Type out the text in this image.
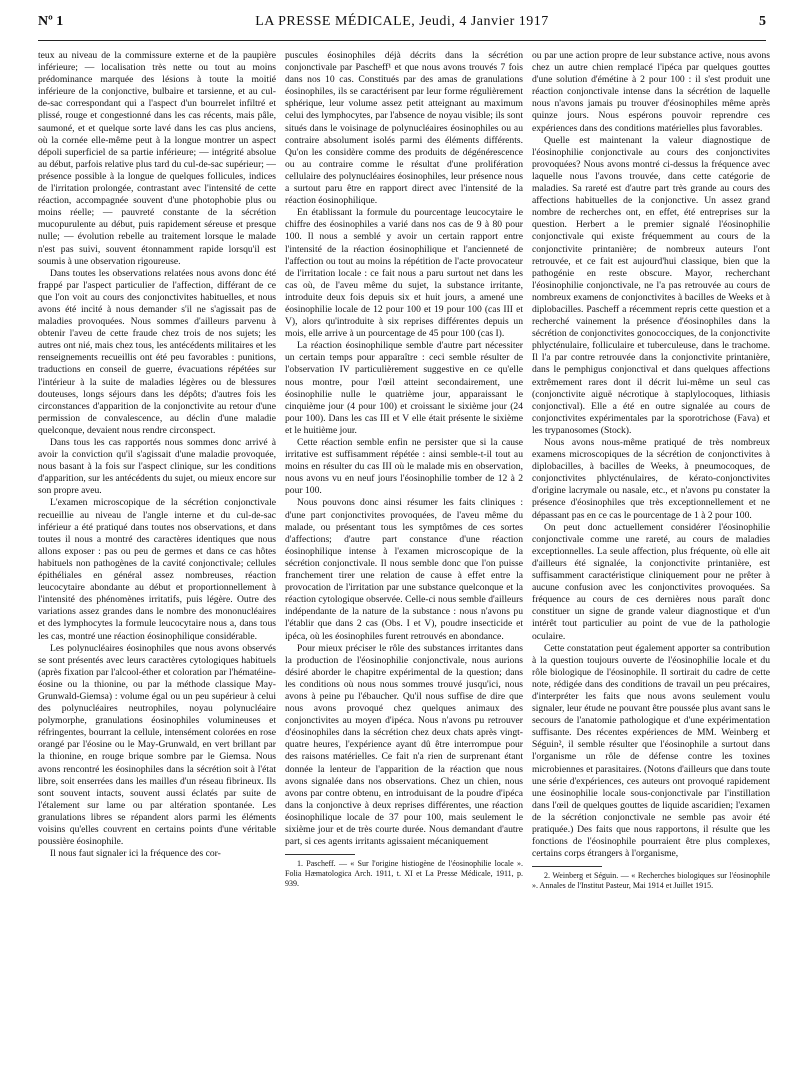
Nº 1	LA PRESSE MÉDICALE, Jeudi, 4 Janvier 1917	5

teux au niveau de la commissure externe et de la paupière inférieure; — localisation très nette ou tout au moins prédominance marquée des lésions à toute la moitié inférieure de la conjonctive, bulbaire et tarsienne, et au cul-de-sac correspondant qui a l'aspect d'un bourrelet infiltré et plissé, rouge et congestionné dans les cas récents, mais pâle, saumoné, et et quelque sorte lavé dans les cas plus anciens, où la cornée elle-même peut à la longue montrer un aspect dépoli superficiel de sa partie inférieure; — intégrité absolue au début, parfois relative plus tard du cul-de-sac supérieur; — présence possible à la longue de quelques follicules, indices de l'irritation prolongée, contrastant avec l'intensité de cette réaction, accompagnée souvent d'une photophobie plus ou moins réelle; — pauvreté constante de la sécrétion mucopurulente au début, puis rapidement séreuse et presque nulle; — évolution rebelle au traitement lorsque le malade n'est pas suivi, souvent étonnamment rapide lorsqu'il est soumis à une observation rigoureuse.

Dans toutes les observations relatées nous avons donc été frappé par l'aspect particulier de l'affection, différant de ce que l'on voit au cours des conjonctivites habituelles, et nous avons été incité à nous demander s'il ne s'agissait pas de maladies provoquées. Nous sommes d'ailleurs parvenu à obtenir l'aveu de cette fraude chez trois de nos sujets; les autres ont nié, mais chez tous, les antécédents militaires et les renseignements recueillis ont été peu favorables : punitions, traductions en conseil de guerre, évacuations répétées sur l'intérieur à la suite de maladies légères ou de blessures douteuses, longs séjours dans les dépôts; d'autres fois les circonstances d'apparition de la conjonctivite au retour d'une permission de convalescence, au déclin d'une maladie quelconque, devaient nous rendre circonspect.

Dans tous les cas rapportés nous sommes donc arrivé à avoir la conviction qu'il s'agissait d'une maladie provoquée, nous basant à la fois sur l'aspect clinique, sur les conditions d'apparition, sur les antécédents du sujet, ou mieux encore sur son propre aveu.

L'examen microscopique de la sécrétion conjonctivale recueillie au niveau de l'angle interne et du cul-de-sac inférieur a été pratiqué dans toutes nos observations, et dans toutes il nous a montré des caractères identiques que nous allons exposer : pas ou peu de germes et dans ce cas hôtes habituels non pathogènes de la cavité conjonctivale; cellules épithéliales en général assez nombreuses, réaction leucocytaire abondante au début et proportionnellement à l'intensité des phénomènes irritatifs, puis légère. Outre des variations assez grandes dans le nombre des mononucléaires et des lymphocytes la formule leucocytaire nous a, dans tous les cas, montré une réaction éosinophilique considérable.

Les polynucléaires éosinophiles que nous avons observés se sont présentés avec leurs caractères cytologiques habituels (après fixation par l'alcool-éther et coloration par l'hématéine-éosine ou la thionine, ou par la méthode classique May-Grunwald-Giemsa) : volume égal ou un peu supérieur à celui des polynucléaires neutrophiles, noyau polynucléaire polymorphe, granulations éosinophiles volumineuses et réfringentes, bourrant la cellule, intensément colorées en rose orangé par l'éosine ou le May-Grunwald, en vert brillant par la thionine, en rouge brique sombre par le Giemsa. Nous avons rencontré les éosinophiles dans la sécrétion soit à l'état libre, soit enserrées dans les mailles d'un réseau fibrineux. Ils sont souvent intacts, souvent aussi éclatés par suite de l'étalement sur lame ou par altération spontanée. Les granulations libres se répandent alors parmi les éléments voisins qu'elles couvrent en certains points d'une véritable poussière éosinophile.

Il nous faut signaler ici la fréquence des cor-

puscules éosinophiles déjà décrits dans la sécrétion conjonctivale par Pascheff¹ et que nous avons trouvés 7 fois dans nos 10 cas. Constitués par des amas de granulations éosinophiles, ils se caractérisent par leur forme régulièrement sphérique, leur volume assez petit atteignant au maximum celui des lymphocytes, par l'absence de noyau visible; ils sont situés dans le voisinage de polynucléaires éosinophiles ou au contraire absolument isolés parmi des éléments différents. Qu'on les considère comme des produits de dégénérescence ou au contraire comme le résultat d'une prolifération cellulaire des polynucléaires éosinophiles, leur présence nous a surtout paru être en rapport direct avec l'intensité de la réaction éosinophilique.

En établissant la formule du pourcentage leucocytaire le chiffre des éosinophiles a varié dans nos cas de 9 à 80 pour 100. Il nous a semblé y avoir un certain rapport entre l'intensité de la réaction éosinophilique et l'ancienneté de l'affection ou tout au moins la répétition de l'acte provocateur de l'irritation locale : ce fait nous a paru surtout net dans les cas où, de l'aveu même du sujet, la substance irritante, introduite deux fois depuis six et huit jours, a amené une éosinophilie locale de 12 pour 100 et 19 pour 100 (cas III et V), alors qu'introduite à six reprises différentes depuis un mois, elle arrive à un pourcentage de 45 pour 100 (cas I).

La réaction éosinophilique semble d'autre part nécessiter un certain temps pour apparaître : ceci semble résulter de l'observation IV particulièrement suggestive en ce qu'elle nous montre, pour l'œil atteint secondairement, une éosinophilie nulle le quatrième jour, apparaissant le cinquième jour (4 pour 100) et croissant le sixième jour (24 pour 100). Dans les cas III et V elle était présente le sixième et le huitième jour.

Cette réaction semble enfin ne persister que si la cause irritative est suffisamment répétée : ainsi semble-t-il tout au moins en résulter du cas III où le malade mis en observation, nous avons vu en neuf jours l'éosinophilie tomber de 12 à 2 pour 100.

Nous pouvons donc ainsi résumer les faits cliniques : d'une part conjonctivites provoquées, de l'aveu même du malade, ou présentant tous les symptômes de ces sortes d'affections; d'autre part constance d'une réaction éosinophilique intense à l'examen microscopique de la sécrétion conjonctivale. Il nous semble donc que l'on puisse franchement tirer une relation de cause à effet entre la provocation de l'irritation par une substance quelconque et la réaction cytologique observée. Celle-ci nous semble d'ailleurs indépendante de la nature de la substance : nous n'avons pu l'établir que dans 2 cas (Obs. I et V), poudre insecticide et ipéca, où les éosinophiles furent retrouvés en abondance.

Pour mieux préciser le rôle des substances irritantes dans la production de l'éosinophilie conjonctivale, nous aurions désiré aborder le chapitre expérimental de la question; dans les conditions où nous nous sommes trouvé jusqu'ici, nous avons à peine pu l'ébaucher. Qu'il nous suffise de dire que nous avons provoqué chez quelques animaux des conjonctivites au moyen d'ipéca. Nous n'avons pu retrouver d'éosinophiles dans la sécrétion chez deux chats après vingt-quatre heures, l'expérience ayant dû être interrompue pour des raisons matérielles. Ce fait n'a rien de surprenant étant donnée la lenteur de l'apparition de la réaction que nous avons signalée dans nos observations. Chez un chien, nous avons par contre obtenu, en introduisant de la poudre d'ipéca dans la conjonctive à deux reprises différentes, une réaction éosinophilique locale de 37 pour 100, mais seulement le sixième jour et de très courte durée. Nous demandant d'autre part, si ces agents irritants agissaient mécaniquement

1. Pascheff. — « Sur l'origine histiogène de l'éosinophilie locale ». Folia Hæmatologica Arch. 1911, t. XI et La Presse Médicale, 1911, p. 939.

ou par une action propre de leur substance active, nous avons chez un autre chien remplacé l'ipéca par quelques gouttes d'une solution d'émétine à 2 pour 100 : il s'est produit une réaction conjonctivale intense dans la sécrétion de laquelle nous n'avons jamais pu trouver d'éosinophiles même après quinze jours. Nous espérons pouvoir reprendre ces expériences dans des conditions matérielles plus favorables.

Quelle est maintenant la valeur diagnostique de l'éosinophilie conjonctivale au cours des conjonctivites provoquées? Nous avons montré ci-dessus la fréquence avec laquelle nous l'avons trouvée, dans cette catégorie de maladies. Sa rareté est d'autre part très grande au cours des affections habituelles de la conjonctive. Un assez grand nombre de recherches ont, en effet, été entreprises sur la question. Herbert a le premier signalé l'éosinophilie conjonctivale qui existe fréquemment au cours de la conjonctivite printanière; de nombreux auteurs l'ont retrouvée, et ce fait est aujourd'hui classique, bien que la pathogénie en reste obscure. Mayor, recherchant l'éosinophilie conjonctivale, ne l'a pas retrouvée au cours de nombreux examens de conjonctivites à bacilles de Weeks et à diplobacilles. Pascheff a récemment repris cette question et a recherché vainement la présence d'éosinophiles dans la sécrétion de conjonctivites gonococciques, de la conjonctivite phlycténulaire, folliculaire et tuberculeuse, dans le trachome. Il l'a par contre retrouvée dans la conjonctivite printanière, dans le pemphigus conjonctival et dans quelques affections extrêmement rares dont il décrit lui-même un seul cas (conjonctivite aiguë nécrotique à staplylocoques, lithiasis conjonctival). Elle a été en outre signalée au cours de conjonctivites expérimentales par la sporotrichose (Fava) et les trypanosomes (Stock).

Nous avons nous-même pratiqué de très nombreux examens microscopiques de la sécrétion de conjonctivites à diplobacilles, à bacilles de Weeks, à pneumocoques, de conjonctivites phlycténulaires, de kérato-conjonctivites d'origine lacrymale ou nasale, etc., et n'avons pu constater la présence d'éosinophiles que très exceptionnellement et ne dépassant pas en ce cas le pourcentage de 1 à 2 pour 100.

On peut donc actuellement considérer l'éosinophilie conjonctivale comme une rareté, au cours de maladies exceptionnelles. La seule affection, plus fréquente, où elle ait d'ailleurs été signalée, la conjonctivite printanière, est suffisamment caractéristique cliniquement pour ne prêter à aucune confusion avec les conjonctivites provoquées. Sa fréquence au cours de ces dernières nous paraît donc constituer un signe de grande valeur diagnostique et d'un intérêt tout particulier au point de vue de la pathologie oculaire.

Cette constatation peut également apporter sa contribution à la question toujours ouverte de l'éosinophilie locale et du rôle biologique de l'éosinophile. Il sortirait du cadre de cette note, rédigée dans des conditions de travail un peu précaires, d'interpréter les faits que nous avons seulement voulu signaler, leur étude ne pouvant être poussée plus avant sans le secours de l'anatomie pathologique et d'une expérimentation suffisante. Des récentes expériences de MM. Weinberg et Séguin², il semble résulter que l'éosinophile a surtout dans l'organisme un rôle de défense contre les toxines microbiennes et parasitaires. (Notons d'ailleurs que dans toute une série d'expériences, ces auteurs ont provoqué rapidement une éosinophilie locale sous-conjonctivale par l'instillation dans l'œil de quelques gouttes de liquide ascaridien; l'examen de la sécrétion conjonctivale ne semble pas avoir été pratiquée.) Des faits que nous rapportons, il résulte que les fonctions de l'éosinophile pourraient être plus complexes, certains corps étrangers à l'organisme,

2. Weinberg et Séguin. — « Recherches biologiques sur l'éosinophile ». Annales de l'Institut Pasteur, Mai 1914 et Juillet 1915.
